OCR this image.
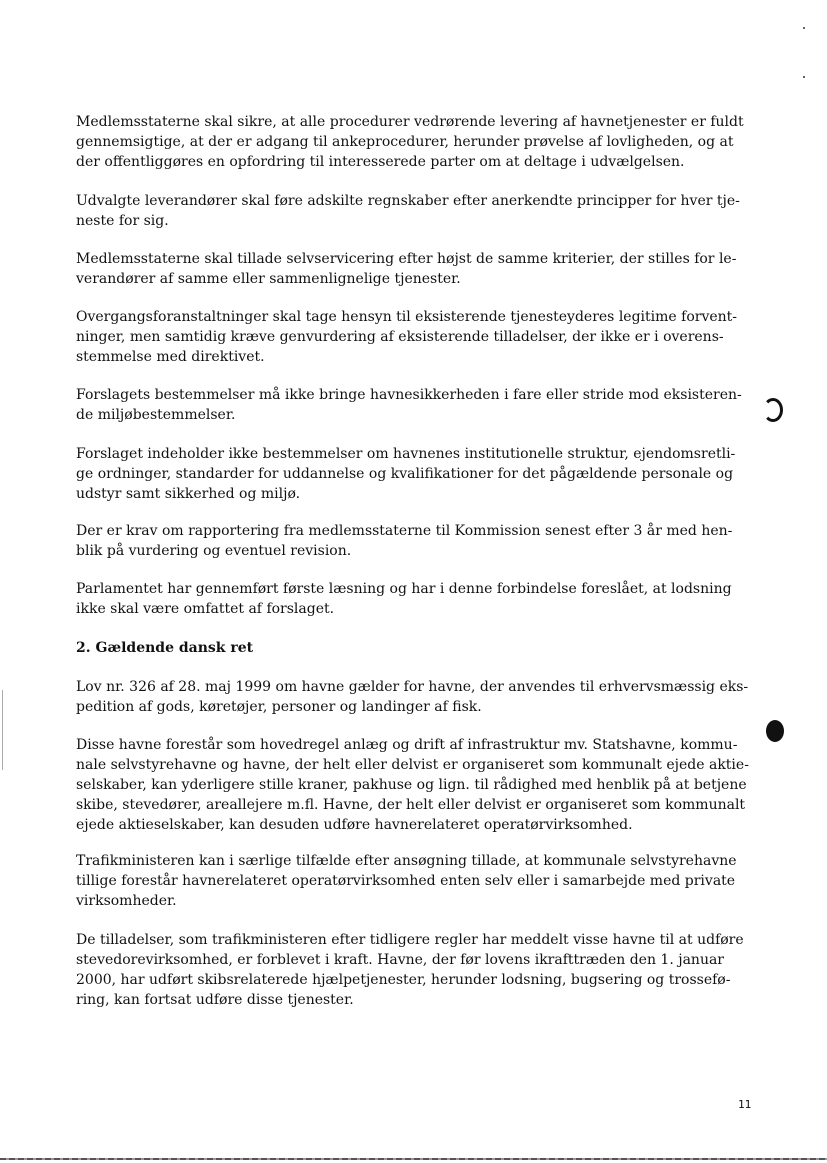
Medlemsstaterne skal sikre, at alle procedurer vedrørende levering af havnetjenester er fuldt
gennemsigtige, at der er adgang til ankeprocedurer, herunder prøvelse af lovligheden, og at
der offentliggøres en opfordring til interesserede parter om at deltage i udvælgelsen.
Udvalgte leverandører skal føre adskilte regnskaber efter anerkendte principper for hver tje-
neste for sig.
Medlemsstaterne skal tillade selvservicering efter højst de samme kriterier, der stilles for le-
verandører af samme eller sammenlignelige tjenester.
Overgangsforanstaltninger skal tage hensyn til eksisterende tjenesteyderes legitime forvent-
ninger, men samtidig kræve genvurdering af eksisterende tilladelser, der ikke er i overens-
stemmelse med direktivet.
Forslagets bestemmelser må ikke bringe havnesikkerheden i fare eller stride mod eksisteren-
de miljøbestemmelser.
Forslaget indeholder ikke bestemmelser om havnenes institutionelle struktur, ejendomsretli-
ge ordninger, standarder for uddannelse og kvalifikationer for det pågældende personale og
udstyr samt sikkerhed og miljø.
Der er krav om rapportering fra medlemsstaterne til Kommission senest efter 3 år med hen-
blik på vurdering og eventuel revision.
Parlamentet har gennemført første læsning og har i denne forbindelse foreslået, at lodsning
ikke skal være omfattet af forslaget.
2. Gældende dansk ret
Lov nr. 326 af 28. maj 1999 om havne gælder for havne, der anvendes til erhvervsmæssig eks-
pedition af gods, køretøjer, personer og landinger af fisk.
Disse havne forestår som hovedregel anlæg og drift af infrastruktur mv. Statshavne, kommu-
nale selvstyrehavne og havne, der helt eller delvist er organiseret som kommunalt ejede aktie-
selskaber, kan yderligere stille kraner, pakhuse og lign. til rådighed med henblik på at betjene
skibe, stevedører, areallejere m.fl. Havne, der helt eller delvist er organiseret som kommunalt
ejede aktieselskaber, kan desuden udføre havnerelateret operatørvirksomhed.
Trafikministeren kan i særlige tilfælde efter ansøgning tillade, at kommunale selvstyrehavne
tillige forestår havnerelateret operatørvirksomhed enten selv eller i samarbejde med private
virksomheder.
De tilladelser, som trafikministeren efter tidligere regler har meddelt visse havne til at udføre
stevedorevirksomhed, er forblevet i kraft. Havne, der før lovens ikrafttræden den 1. januar
2000, har udført skibsrelaterede hjælpetjenester, herunder lodsning, bugsering og trossefø-
ring, kan fortsat udføre disse tjenester.
11
